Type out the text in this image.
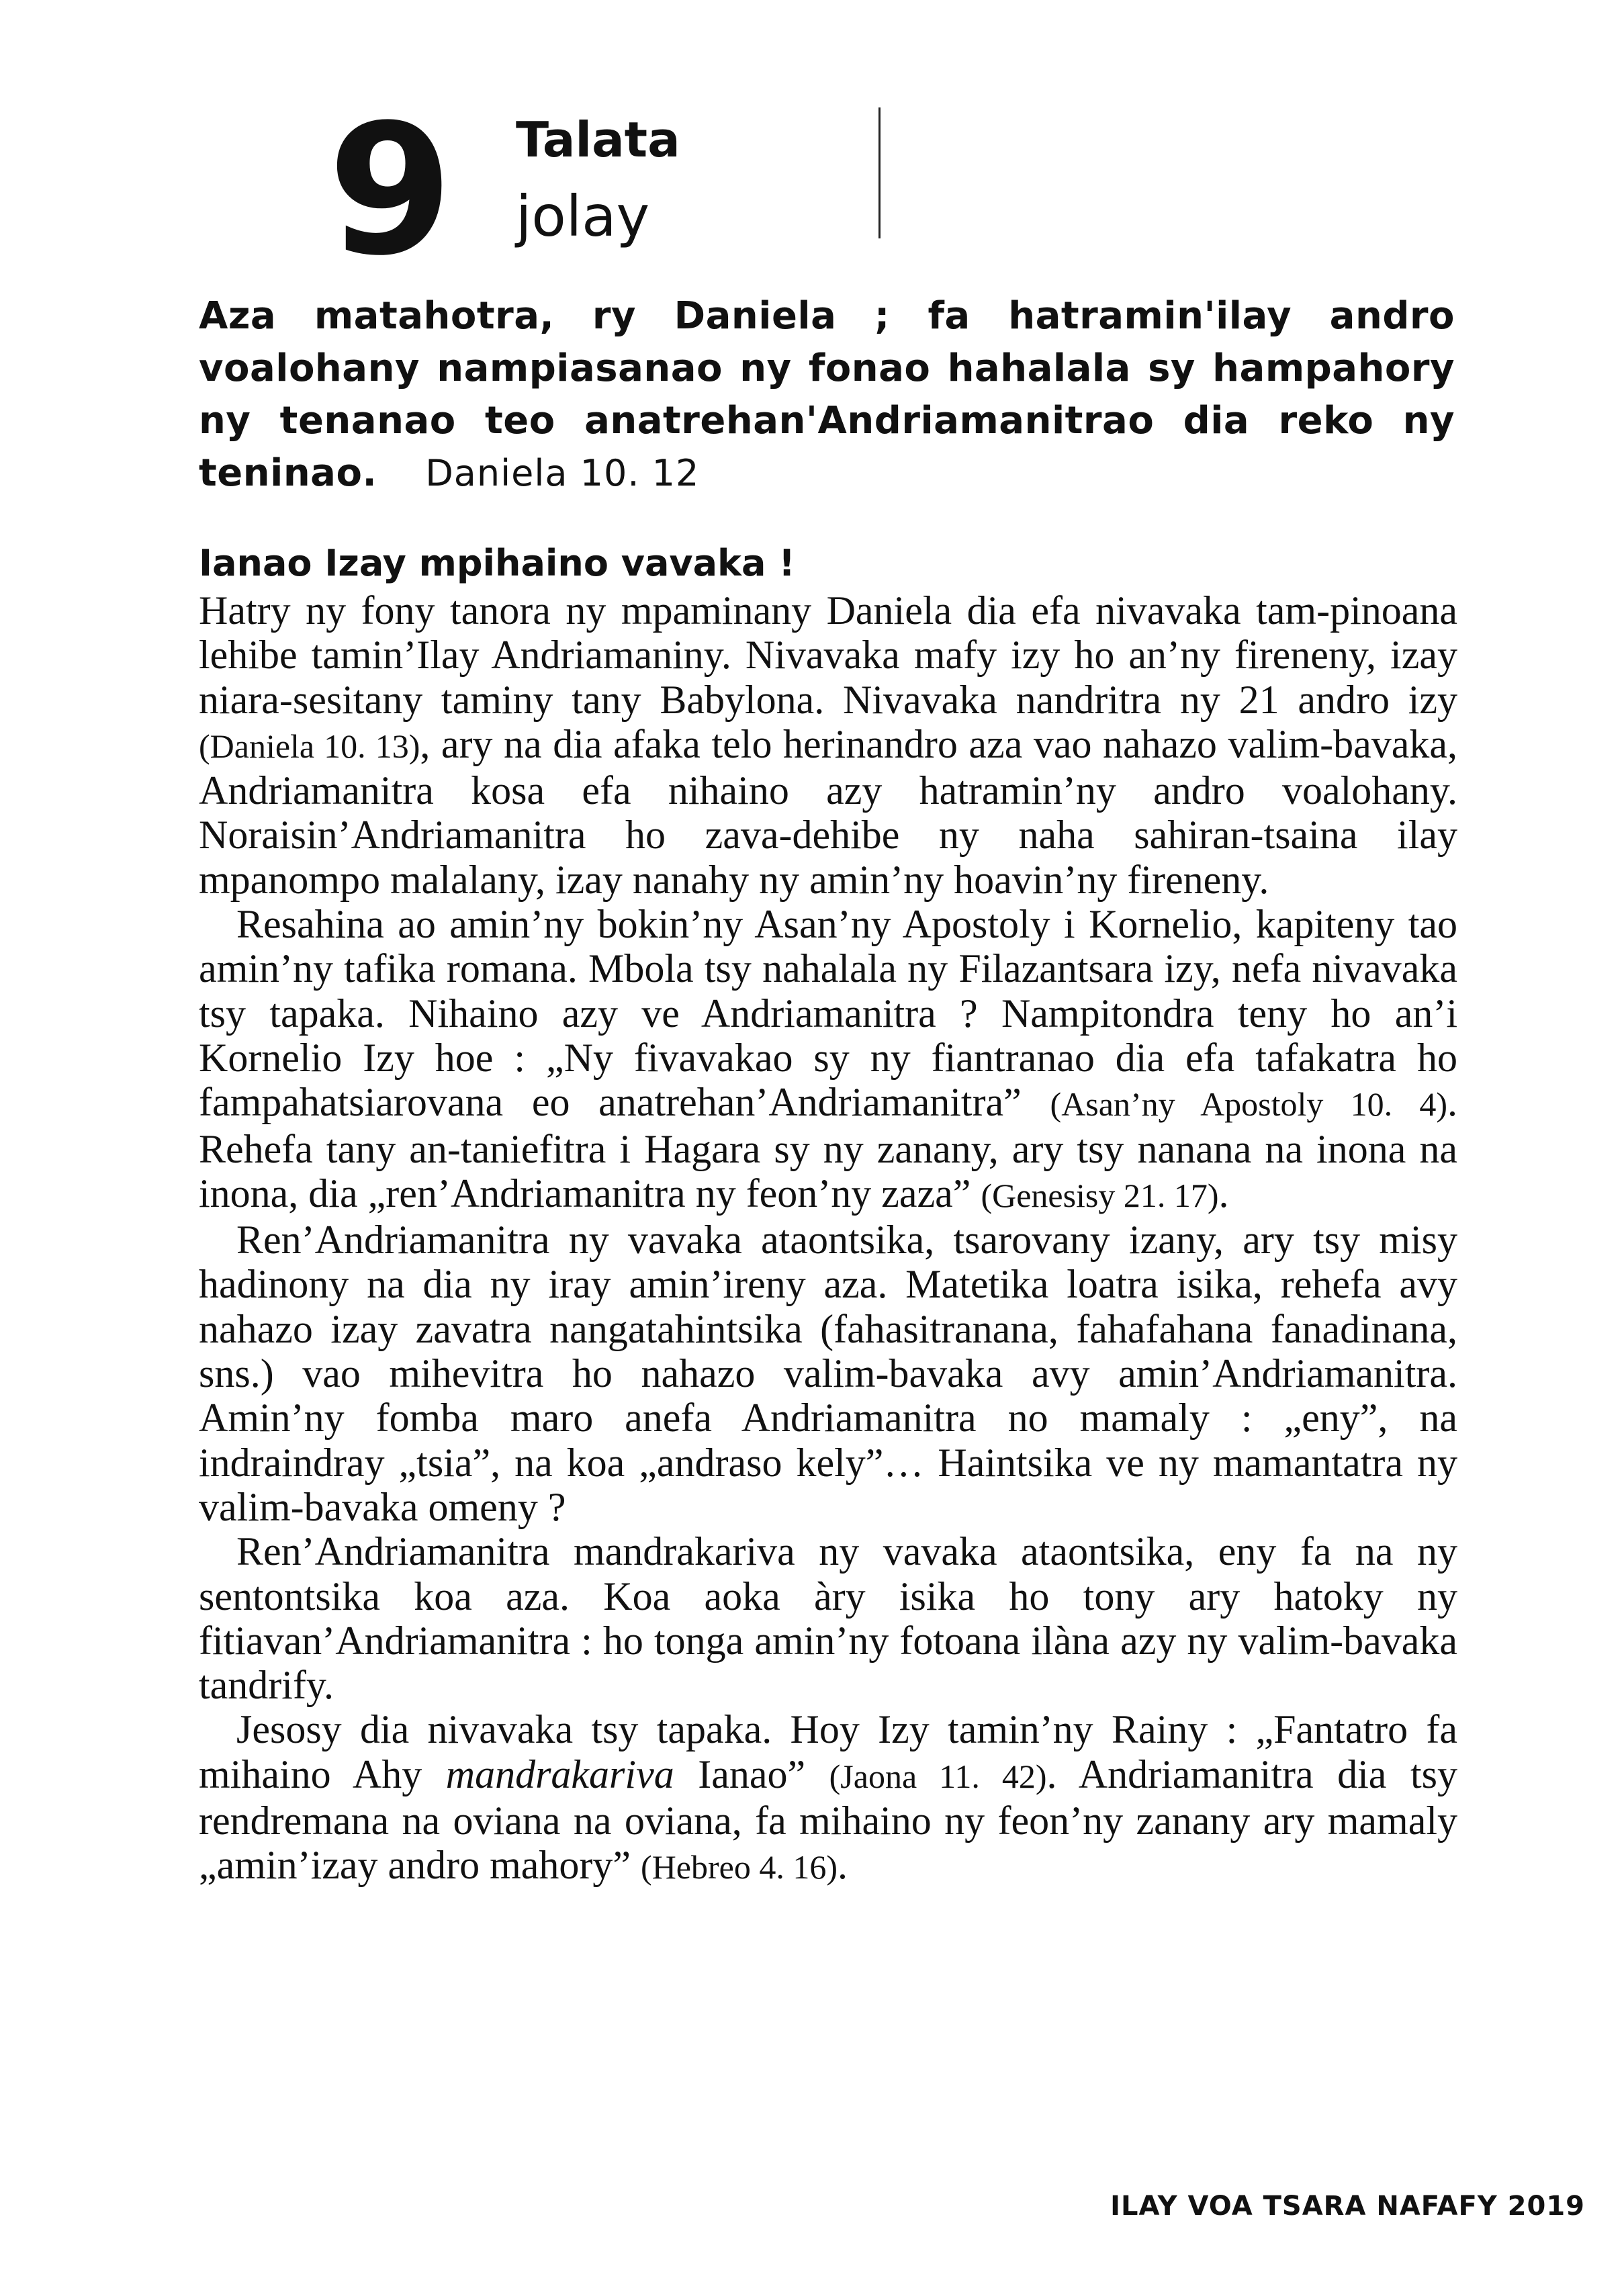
9 Talata
jolay
Aza matahotra, ry Daniela ; fa hatramin'ilay andro voalohany nampiasanao ny fonao hahalala sy hampahory ny tenanao teo anatrehan'Andriamanitrao dia reko ny teninao. Daniela 10. 12
Ianao Izay mpihaino vavaka !

Hatry ny fony tanora ny mpaminany Daniela dia efa nivavaka tam-pinoana lehibe tamin’Ilay Andriamaniny. Nivavaka mafy izy ho an’ny fireneny, izay niara-sesitany taminy tany Babylona. Nivavaka nandritra ny 21 andro izy (Daniela 10. 13), ary na dia afaka telo herinandro aza vao nahazo valim-bavaka, Andriamanitra kosa efa nihaino azy hatramin’ny andro voalohany. Noraisin’Andriamanitra ho zava-dehibe ny naha sahiran-tsaina ilay mpanompo malalany, izay nanahy ny amin’ny hoavin’ny fireneny.

Resahina ao amin’ny bokin’ny Asan’ny Apostoly i Kornelio, kapiteny tao amin’ny tafika romana. Mbola tsy nahalala ny Filazantsara izy, nefa nivavaka tsy tapaka. Nihaino azy ve Andriamanitra ? Nampitondra teny ho an’i Kornelio Izy hoe : „Ny fivavakao sy ny fiantranao dia efa tafakatra ho fampahatsiarovana eo anatrehan’Andriamanitra” (Asan’ny Apostoly 10. 4). Rehefa tany an-taniefitra i Hagara sy ny zanany, ary tsy nanana na inona na inona, dia „ren’Andriamanitra ny feon’ny zaza” (Genesisy 21. 17).

Ren’Andriamanitra ny vavaka ataontsika, tsarovany izany, ary tsy misy hadinony na dia ny iray amin’ireny aza. Matetika loatra isika, rehefa avy nahazo izay zavatra nangatahintsika (fahasitranana, fahafahana fanadinana, sns.) vao mihevitra ho nahazo valim-bavaka avy amin’Andriamanitra. Amin’ny fomba maro anefa Andriamanitra no mamaly : „eny”, na indraindray „tsia”, na koa „andraso kely”… Haintsika ve ny mamantatra ny valim-bavaka omeny ?

Ren’Andriamanitra mandrakariva ny vavaka ataontsika, eny fa na ny sentontsika koa aza. Koa aoka àry isika ho tony ary hatoky ny fitiavan’Andriamanitra : ho tonga amin’ny fotoana ilàna azy ny valim-bavaka tandrify.

Jesosy dia nivavaka tsy tapaka. Hoy Izy tamin’ny Rainy : „Fantatro fa mihaino Ahy mandrakariva Ianao” (Jaona 11. 42). Andriamanitra dia tsy rendremana na oviana na oviana, fa mihaino ny feon’ny zanany ary mamaly „amin’izay andro mahory” (Hebreo 4. 16).

ILAY VOA TSARA NAFAFY 2019
